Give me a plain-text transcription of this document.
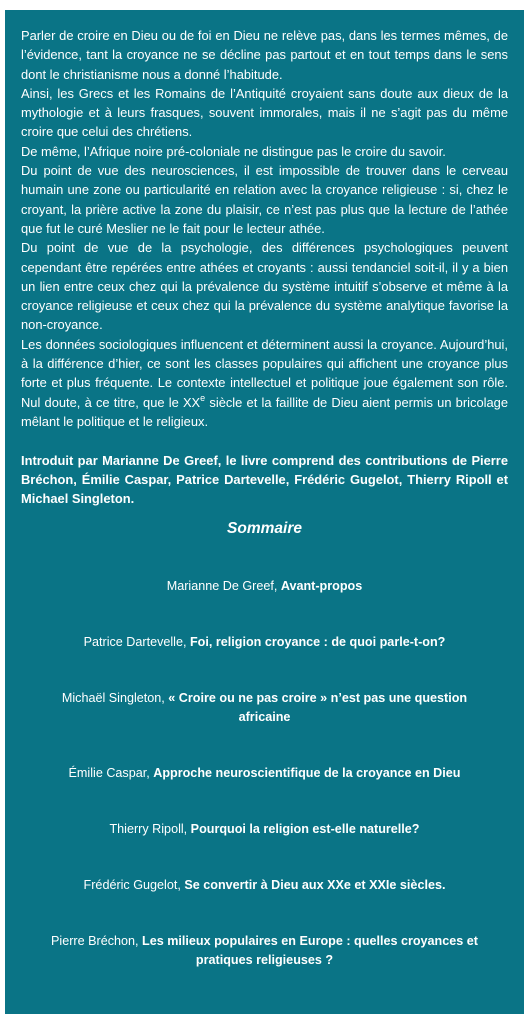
Parler de croire en Dieu ou de foi en Dieu ne relève pas, dans les termes mêmes, de l’évidence, tant la croyance ne se décline pas partout et en tout temps dans le sens dont le christianisme nous a donné l’habitude.

Ainsi, les Grecs et les Romains de l’Antiquité croyaient sans doute aux dieux de la mythologie et à leurs frasques, souvent immorales, mais il ne s’agit pas du même croire que celui des chrétiens.

De même, l’Afrique noire pré-coloniale ne distingue pas le croire du savoir.

Du point de vue des neurosciences, il est impossible de trouver dans le cerveau humain une zone ou particularité en relation avec la croyance religieuse : si, chez le croyant, la prière active la zone du plaisir, ce n’est pas plus que la lecture de l’athée que fut le curé Meslier ne le fait pour le lecteur athée.

Du point de vue de la psychologie, des différences psychologiques peuvent cependant être repérées entre athées et croyants : aussi tendanciel soit-il, il y a bien un lien entre ceux chez qui la prévalence du système intuitif s’observe et même à la croyance religieuse et ceux chez qui la prévalence du système analytique favorise la non-croyance.

Les données sociologiques influencent et déterminent aussi la croyance. Aujourd’hui, à la différence d’hier, ce sont les classes populaires qui affichent une croyance plus forte et plus fréquente. Le contexte intellectuel et politique joue également son rôle. Nul doute, à ce titre, que le XXe siècle et la faillite de Dieu aient permis un bricolage mêlant le politique et le religieux.

Introduit par Marianne De Greef, le livre comprend des contributions de Pierre Bréchon, Émilie Caspar, Patrice Dartevelle, Frédéric Gugelot, Thierry Ripoll et Michael Singleton.

Sommaire
Marianne De Greef, Avant-propos
Patrice Dartevelle, Foi, religion croyance : de quoi parle-t-on?
Michaël Singleton, « Croire ou ne pas croire » n’est pas une question africaine
Émilie Caspar, Approche neuroscientifique de la croyance en Dieu
Thierry Ripoll, Pourquoi la religion est-elle naturelle?
Frédéric Gugelot, Se convertir à Dieu aux XXe et XXIe siècles.
Pierre Bréchon, Les milieux populaires en Europe : quelles croyances et pratiques religieuses ?
